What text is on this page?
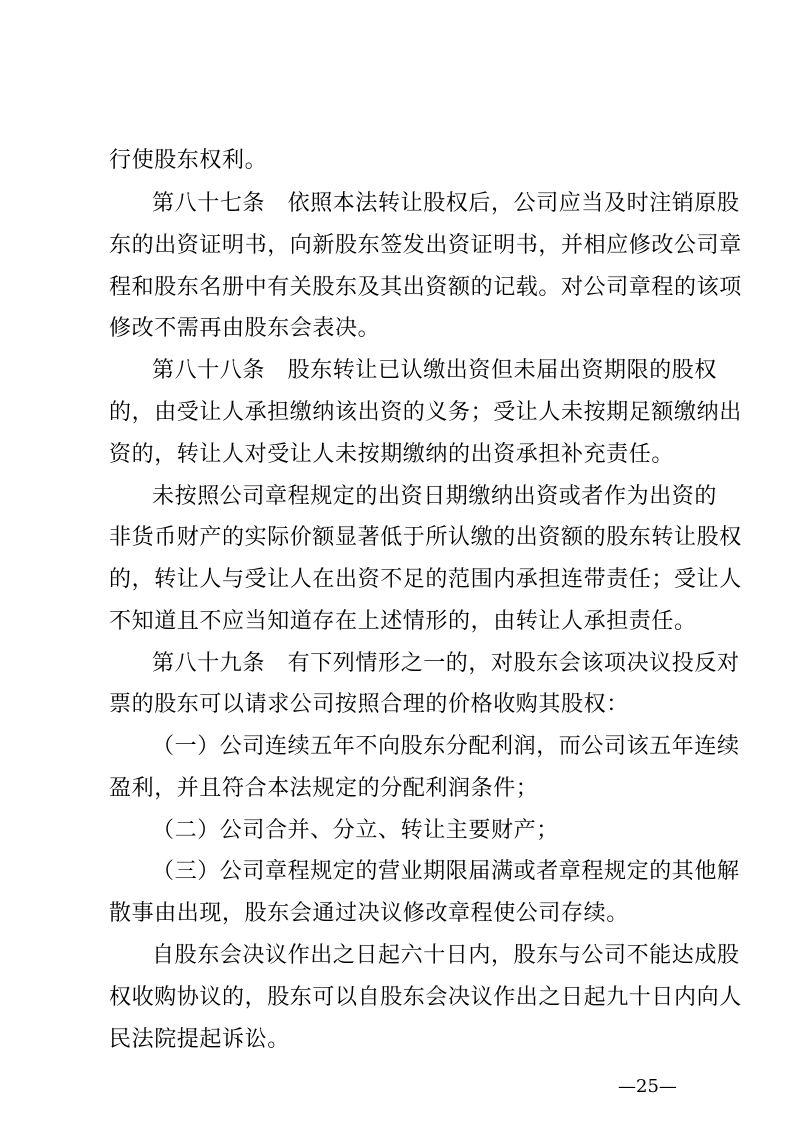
行使股东权利。
第八十七条　依照本法转让股权后，公司应当及时注销原股
东的出资证明书，向新股东签发出资证明书，并相应修改公司章
程和股东名册中有关股东及其出资额的记载。对公司章程的该项
修改不需再由股东会表决。
第八十八条　股东转让已认缴出资但未届出资期限的股权
的，由受让人承担缴纳该出资的义务；受让人未按期足额缴纳出
资的，转让人对受让人未按期缴纳的出资承担补充责任。
未按照公司章程规定的出资日期缴纳出资或者作为出资的
非货币财产的实际价额显著低于所认缴的出资额的股东转让股权
的，转让人与受让人在出资不足的范围内承担连带责任；受让人
不知道且不应当知道存在上述情形的，由转让人承担责任。
第八十九条　有下列情形之一的，对股东会该项决议投反对
票的股东可以请求公司按照合理的价格收购其股权：
（一）公司连续五年不向股东分配利润，而公司该五年连续
盈利，并且符合本法规定的分配利润条件；
（二）公司合并、分立、转让主要财产；
（三）公司章程规定的营业期限届满或者章程规定的其他解
散事由出现，股东会通过决议修改章程使公司存续。
自股东会决议作出之日起六十日内，股东与公司不能达成股
权收购协议的，股东可以自股东会决议作出之日起九十日内向人
民法院提起诉讼。
—25—
